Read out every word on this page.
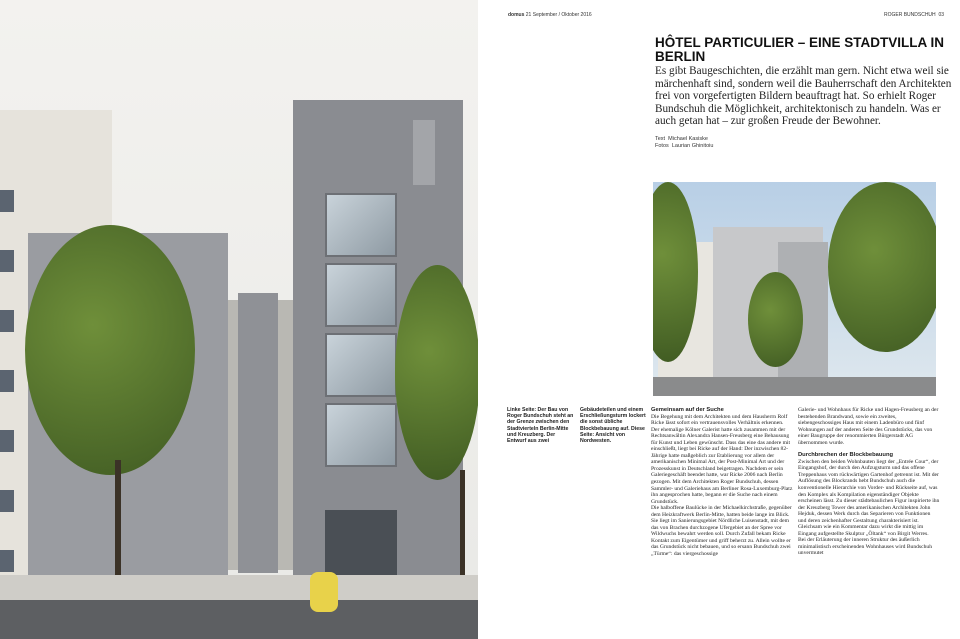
domus 21 September / Oktober 2016	ROGER BUNDSCHUH 03
HÔTEL PARTICULIER – EINE STADTVILLA IN BERLIN
Es gibt Baugeschichten, die erzählt man gern. Nicht etwa weil sie märchenhaft sind, sondern weil die Bauherrschaft den Architekten frei von vorgefertigten Bildern beauftragt hat. So erhielt Roger Bundschuh die Möglichkeit, architektonisch zu handeln. Was er auch getan hat – zur großen Freude der Bewohner.
Text Michael Kasiske
Fotos Laurian Ghinitoiu
Linke Seite: Der Bau von Roger Bundschuh steht an der Grenze zwischen den Stadtvierteln Berlin-Mitte und Kreuzberg. Der Entwurf aus zwei
Gebäudeteilen und einem Erschließungsturm lockert die sonst übliche Blockbebauung auf. Diese Seite: Ansicht von Nordwesten.
Gemeinsam auf der Suche

Die Begehung mit dem Architekten und dem Hausherrn Rolf Ricke lässt sofort ein vertrauensvolles Verhältnis erkennen. Der ehemalige Kölner Galerist hatte sich zusammen mit der Rechtsanwältin Alexandra Hansen-Freusberg eine Behausung für Kunst und Leben gewünscht. Dass das eine das andere mit einschließt, liegt bei Ricke auf der Hand: Der inzwischen 82-Jährige hatte maßgeblich zur Etablierung vor allem der amerikanischen Minimal Art, der Post-Minimal Art und der Prozesskunst in Deutschland beigetragen. Nachdem er sein Galeriegeschäft beendet hatte, war Ricke 2006 nach Berlin gezogen. Mit dem Architekten Roger Bundschuh, dessen Sammler- und Galeriehaus am Berliner Rosa-Luxemburg-Platz ihn angesprochen hatte, begann er die Suche nach einem Grundstück.

Die halboffene Baulücke in der Michaelkirchstraße, gegenüber dem Heizkraftwerk Berlin-Mitte, hatten beide lange im Blick. Sie liegt im Sanierungsgebiet Nördliche Luisenstadt, mit dem das von Brachen durchzogene Ufergebiet an der Spree vor Wildwuchs bewahrt werden soll. Durch Zufall bekam Ricke Kontakt zum Eigentümer und griff beherzt zu. Allein wollte er das Grundstück nicht bebauen, und so ersann Bundschuh zwei „Türme“: das viergeschossige

Galerie- und Wohnhaus für Ricke und Hagen-Freusberg an der bestehenden Brandwand, sowie ein zweites, siebengeschossiges Haus mit einem Ladenbüro und fünf Wohnungen auf der anderen Seite des Grundstücks, das von einer Baugruppe der renommierten Bürgerstadt AG übernommen wurde.

Durchbrechen der Blockbebauung

Zwischen den beiden Wohnbauten liegt der „Entrée Cour“, der Eingangshof, der durch den Aufzugsturm und das offene Treppenhaus vom rückwärtigen Gartenhof getrennt ist. Mit der Auflösung des Blockrands hebt Bundschuh auch die konventionelle Hierarchie von Vorder- und Rückseite auf, was den Komplex als Kompilation eigenständiger Objekte erscheinen lässt. Zu dieser städtebaulichen Figur inspirierte ihn der Kreuzberg Tower des amerikanischen Architekten John Hejduk, dessen Werk durch das Separieren von Funktionen und deren zeichenhafter Gestaltung charakterisiert ist. Gleichsam wie ein Kommentar dazu wirkt die mittig im Eingang aufgestellte Skulptur „Öltank“ von Birgit Werres.

Bei der Erläuterung der inneren Struktur des äußerlich minimalistisch erscheinenden Wohnhauses wird Bundschuh unvermutet
